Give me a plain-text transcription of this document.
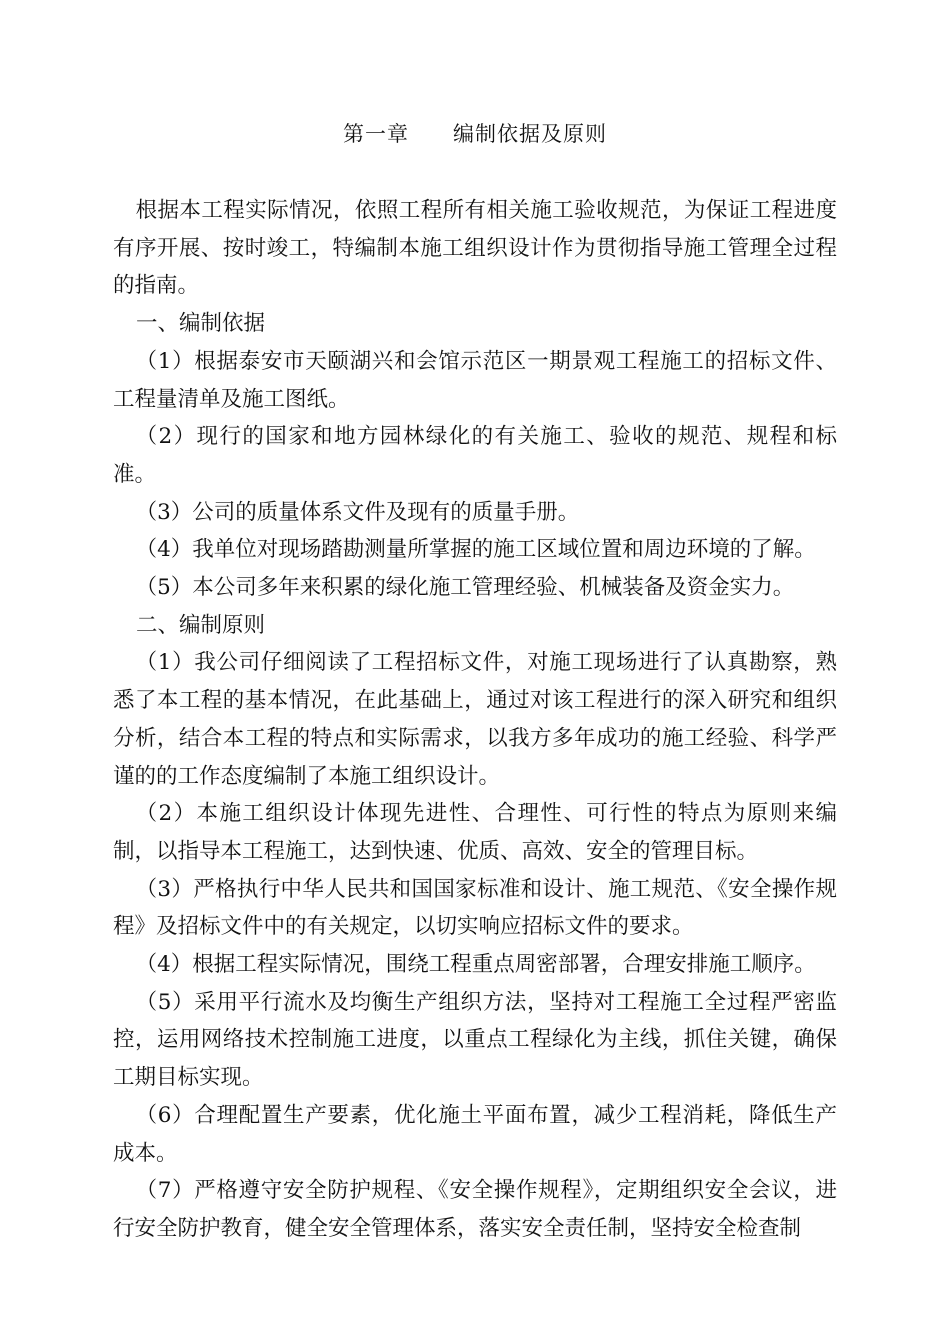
第一章　　编制依据及原则

根据本工程实际情况，依照工程所有相关施工验收规范，为保证工程进度有序开展、按时竣工，特编制本施工组织设计作为贯彻指导施工管理全过程的指南。

一、编制依据

（1）根据泰安市天颐湖兴和会馆示范区一期景观工程施工的招标文件、工程量清单及施工图纸。

（2）现行的国家和地方园林绿化的有关施工、验收的规范、规程和标准。

（3）公司的质量体系文件及现有的质量手册。

（4）我单位对现场踏勘测量所掌握的施工区域位置和周边环境的了解。

（5）本公司多年来积累的绿化施工管理经验、机械装备及资金实力。

二、编制原则

（1）我公司仔细阅读了工程招标文件，对施工现场进行了认真勘察，熟悉了本工程的基本情况，在此基础上，通过对该工程进行的深入研究和组织分析，结合本工程的特点和实际需求，以我方多年成功的施工经验、科学严谨的的工作态度编制了本施工组织设计。

（2）本施工组织设计体现先进性、合理性、可行性的特点为原则来编制，以指导本工程施工，达到快速、优质、高效、安全的管理目标。

（3）严格执行中华人民共和国国家标准和设计、施工规范、《安全操作规程》及招标文件中的有关规定，以切实响应招标文件的要求。

（4）根据工程实际情况，围绕工程重点周密部署，合理安排施工顺序。

（5）采用平行流水及均衡生产组织方法，坚持对工程施工全过程严密监控，运用网络技术控制施工进度，以重点工程绿化为主线，抓住关键，确保工期目标实现。

（6）合理配置生产要素，优化施土平面布置，减少工程消耗，降低生产成本。

（7）严格遵守安全防护规程、《安全操作规程》，定期组织安全会议，进行安全防护教育，健全安全管理体系，落实安全责任制，坚持安全检查制
